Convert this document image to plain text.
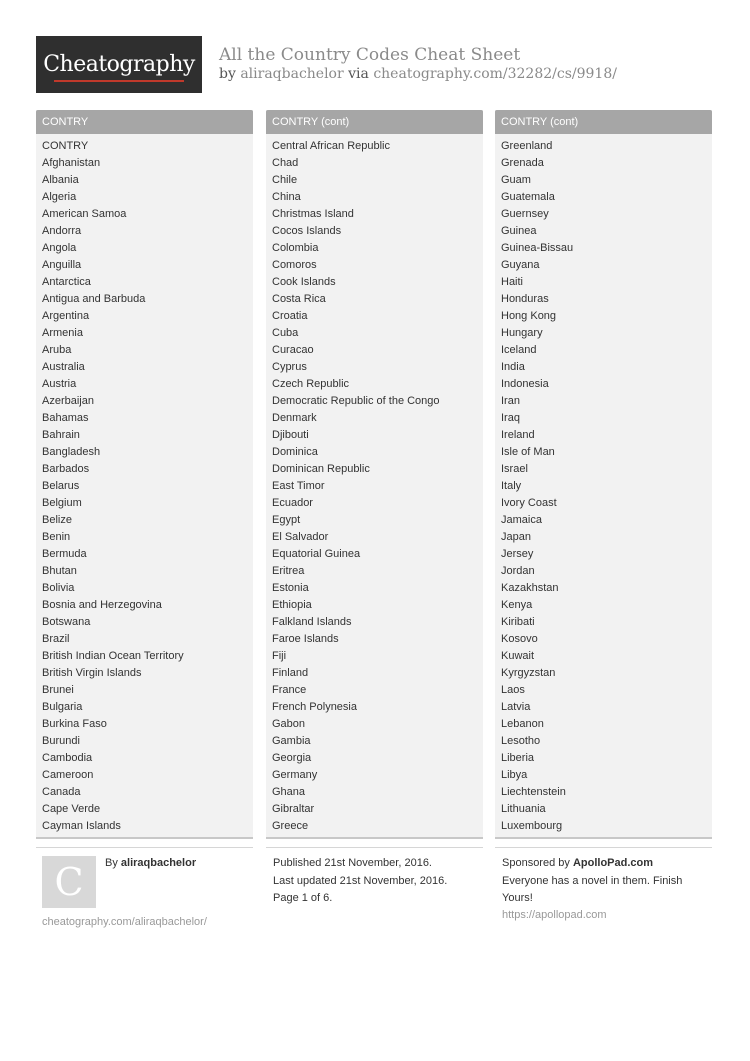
Cheatography	All the Country Codes Cheat Sheet
by aliraqbachelor via cheatography.com/32282/cs/9918/
CONTRY
CONTRY
Afghanistan
Albania
Algeria
American Samoa
Andorra
Angola
Anguilla
Antarctica
Antigua and Barbuda
Argentina
Armenia
Aruba
Australia
Austria
Azerbaijan
Bahamas
Bahrain
Bangladesh
Barbados
Belarus
Belgium
Belize
Benin
Bermuda
Bhutan
Bolivia
Bosnia and Herzegovina
Botswana
Brazil
British Indian Ocean Territory
British Virgin Islands
Brunei
Bulgaria
Burkina Faso
Burundi
Cambodia
Cameroon
Canada
Cape Verde
Cayman Islands
CONTRY (cont)
Central African Republic
Chad
Chile
China
Christmas Island
Cocos Islands
Colombia
Comoros
Cook Islands
Costa Rica
Croatia
Cuba
Curacao
Cyprus
Czech Republic
Democratic Republic of the Congo
Denmark
Djibouti
Dominica
Dominican Republic
East Timor
Ecuador
Egypt
El Salvador
Equatorial Guinea
Eritrea
Estonia
Ethiopia
Falkland Islands
Faroe Islands
Fiji
Finland
France
French Polynesia
Gabon
Gambia
Georgia
Germany
Ghana
Gibraltar
Greece
CONTRY (cont)
Greenland
Grenada
Guam
Guatemala
Guernsey
Guinea
Guinea-Bissau
Guyana
Haiti
Honduras
Hong Kong
Hungary
Iceland
India
Indonesia
Iran
Iraq
Ireland
Isle of Man
Israel
Italy
Ivory Coast
Jamaica
Japan
Jersey
Jordan
Kazakhstan
Kenya
Kiribati
Kosovo
Kuwait
Kyrgyzstan
Laos
Latvia
Lebanon
Lesotho
Liberia
Libya
Liechtenstein
Lithuania
Luxembourg
C	By aliraqbachelor
cheatography.com/aliraqbachelor/
Published 21st November, 2016.
Last updated 21st November, 2016.
Page 1 of 6.
Sponsored by ApolloPad.com
Everyone has a novel in them. Finish
Yours!
https://apollopad.com
